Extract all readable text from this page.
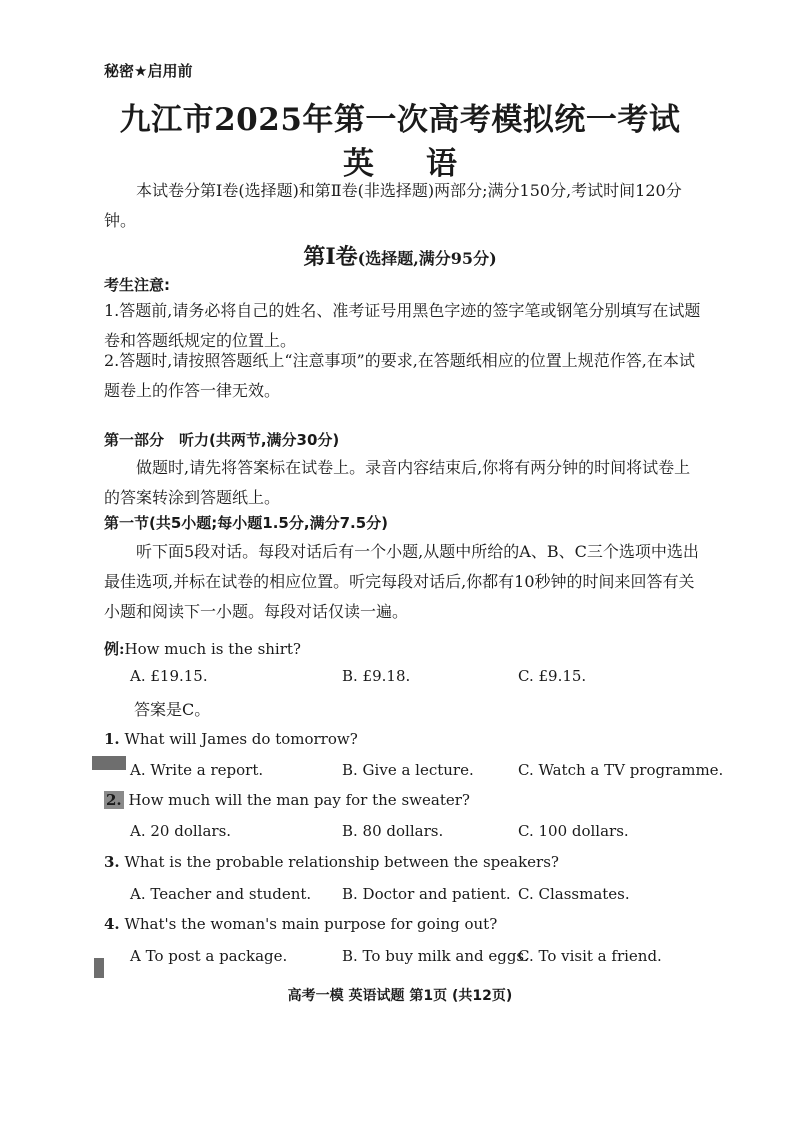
秘密★启用前
九江市2025年第一次高考模拟统一考试
英 语
本试卷分第Ⅰ卷(选择题)和第Ⅱ卷(非选择题)两部分;满分150分,考试时间120分钟。
第Ⅰ卷(选择题,满分95分)
考生注意:
1.答题前,请务必将自己的姓名、准考证号用黑色字迹的签字笔或钢笔分别填写在试题卷和答题纸规定的位置上。
2.答题时,请按照答题纸上“注意事项”的要求,在答题纸相应的位置上规范作答,在本试题卷上的作答一律无效。
第一部分　听力(共两节,满分30分)
做题时,请先将答案标在试卷上。录音内容结束后,你将有两分钟的时间将试卷上的答案转涂到答题纸上。
第一节(共5小题;每小题1.5分,满分7.5分)
听下面5段对话。每段对话后有一个小题,从题中所给的A、B、C三个选项中选出最佳选项,并标在试卷的相应位置。听完每段对话后,你都有10秒钟的时间来回答有关小题和阅读下一小题。每段对话仅读一遍。
例:How much is the shirt?
A. £19.15.	B. £9.18.	C. £9.15.
答案是C。
1. What will James do tomorrow?
A. Write a report.	B. Give a lecture.	C. Watch a TV programme.
2. How much will the man pay for the sweater?
A. 20 dollars.	B. 80 dollars.	C. 100 dollars.
3. What is the probable relationship between the speakers?
A. Teacher and student. B. Doctor and patient. C. Classmates.
4. What's the woman's main purpose for going out?
A To post a package.	B. To buy milk and eggs.
C. To visit a friend.
高考一模 英语试题 第1页 (共12页)
